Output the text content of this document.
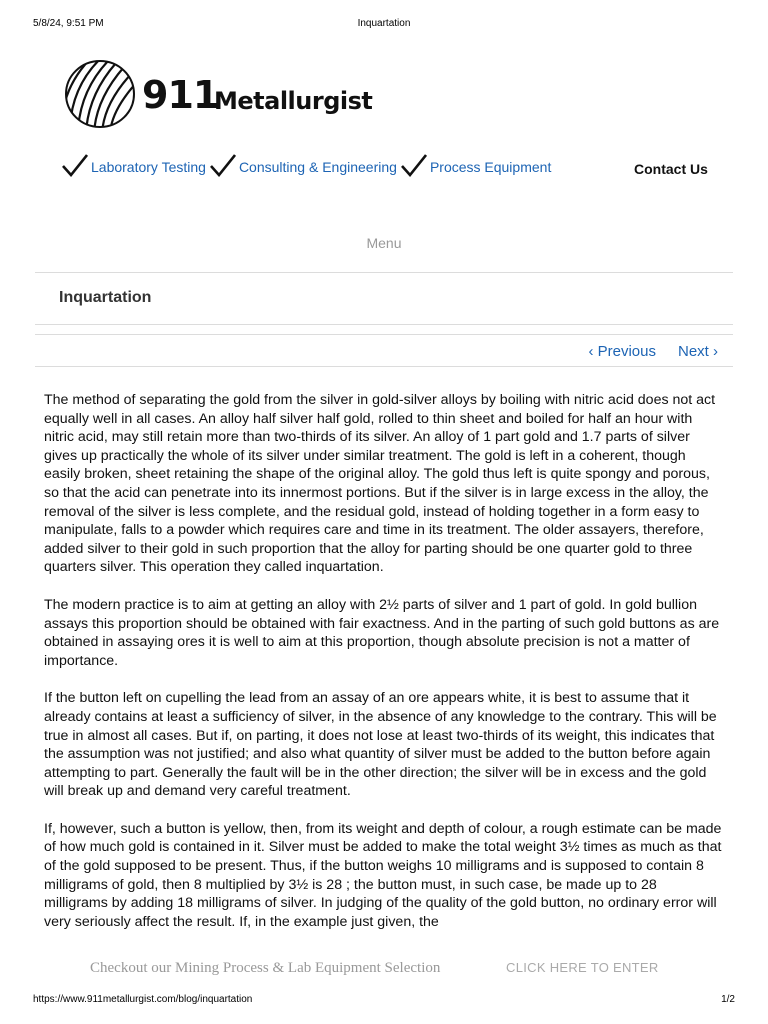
5/8/24, 9:51 PM	Inquartation
911
Metallurgist
Laboratory Testing Consulting & Engineering Process Equipment	Contact Us
Menu
Inquartation
‹ Previous Next ›

The method of separating the gold from the silver in gold-silver alloys by boiling with nitric acid does not act equally well in all cases. An alloy half silver half gold, rolled to thin sheet and boiled for half an hour with nitric acid, may still retain more than two-thirds of its silver. An alloy of 1 part gold and 1.7 parts of silver gives up practically the whole of its silver under similar treatment. The gold is left in a coherent, though easily broken, sheet retaining the shape of the original alloy. The gold thus left is quite spongy and porous, so that the acid can penetrate into its innermost portions. But if the silver is in large excess in the alloy, the removal of the silver is less complete, and the residual gold, instead of holding together in a form easy to manipulate, falls to a powder which requires care and time in its treatment. The older assayers, therefore, added silver to their gold in such proportion that the alloy for parting should be one quarter gold to three quarters silver. This operation they called inquartation.

The modern practice is to aim at getting an alloy with 2½ parts of silver and 1 part of gold. In gold bullion assays this proportion should be obtained with fair exactness. And in the parting of such gold buttons as are obtained in assaying ores it is well to aim at this proportion, though absolute precision is not a matter of importance.

If the button left on cupelling the lead from an assay of an ore appears white, it is best to assume that it already contains at least a sufficiency of silver, in the absence of any knowledge to the contrary. This will be true in almost all cases. But if, on parting, it does not lose at least two-thirds of its weight, this indicates that the assumption was not justified; and also what quantity of silver must be added to the button before again attempting to part. Generally the fault will be in the other direction; the silver will be in excess and the gold will break up and demand very careful treatment.

If, however, such a button is yellow, then, from its weight and depth of colour, a rough estimate can be made of how much gold is contained in it. Silver must be added to make the total weight 3½ times as much as that of the gold supposed to be present. Thus, if the button weighs 10 milligrams and is supposed to contain 8 milligrams of gold, then 8 multiplied by 3½ is 28 ; the button must, in such case, be made up to 28 milligrams by adding 18 milligrams of silver. In judging of the quality of the gold button, no ordinary error will very seriously affect the result. If, in the example just given, the

Checkout our Mining Process & Lab Equipment Selection	CLICK HERE TO ENTER
https://www.911metallurgist.com/blog/inquartation	1/2
